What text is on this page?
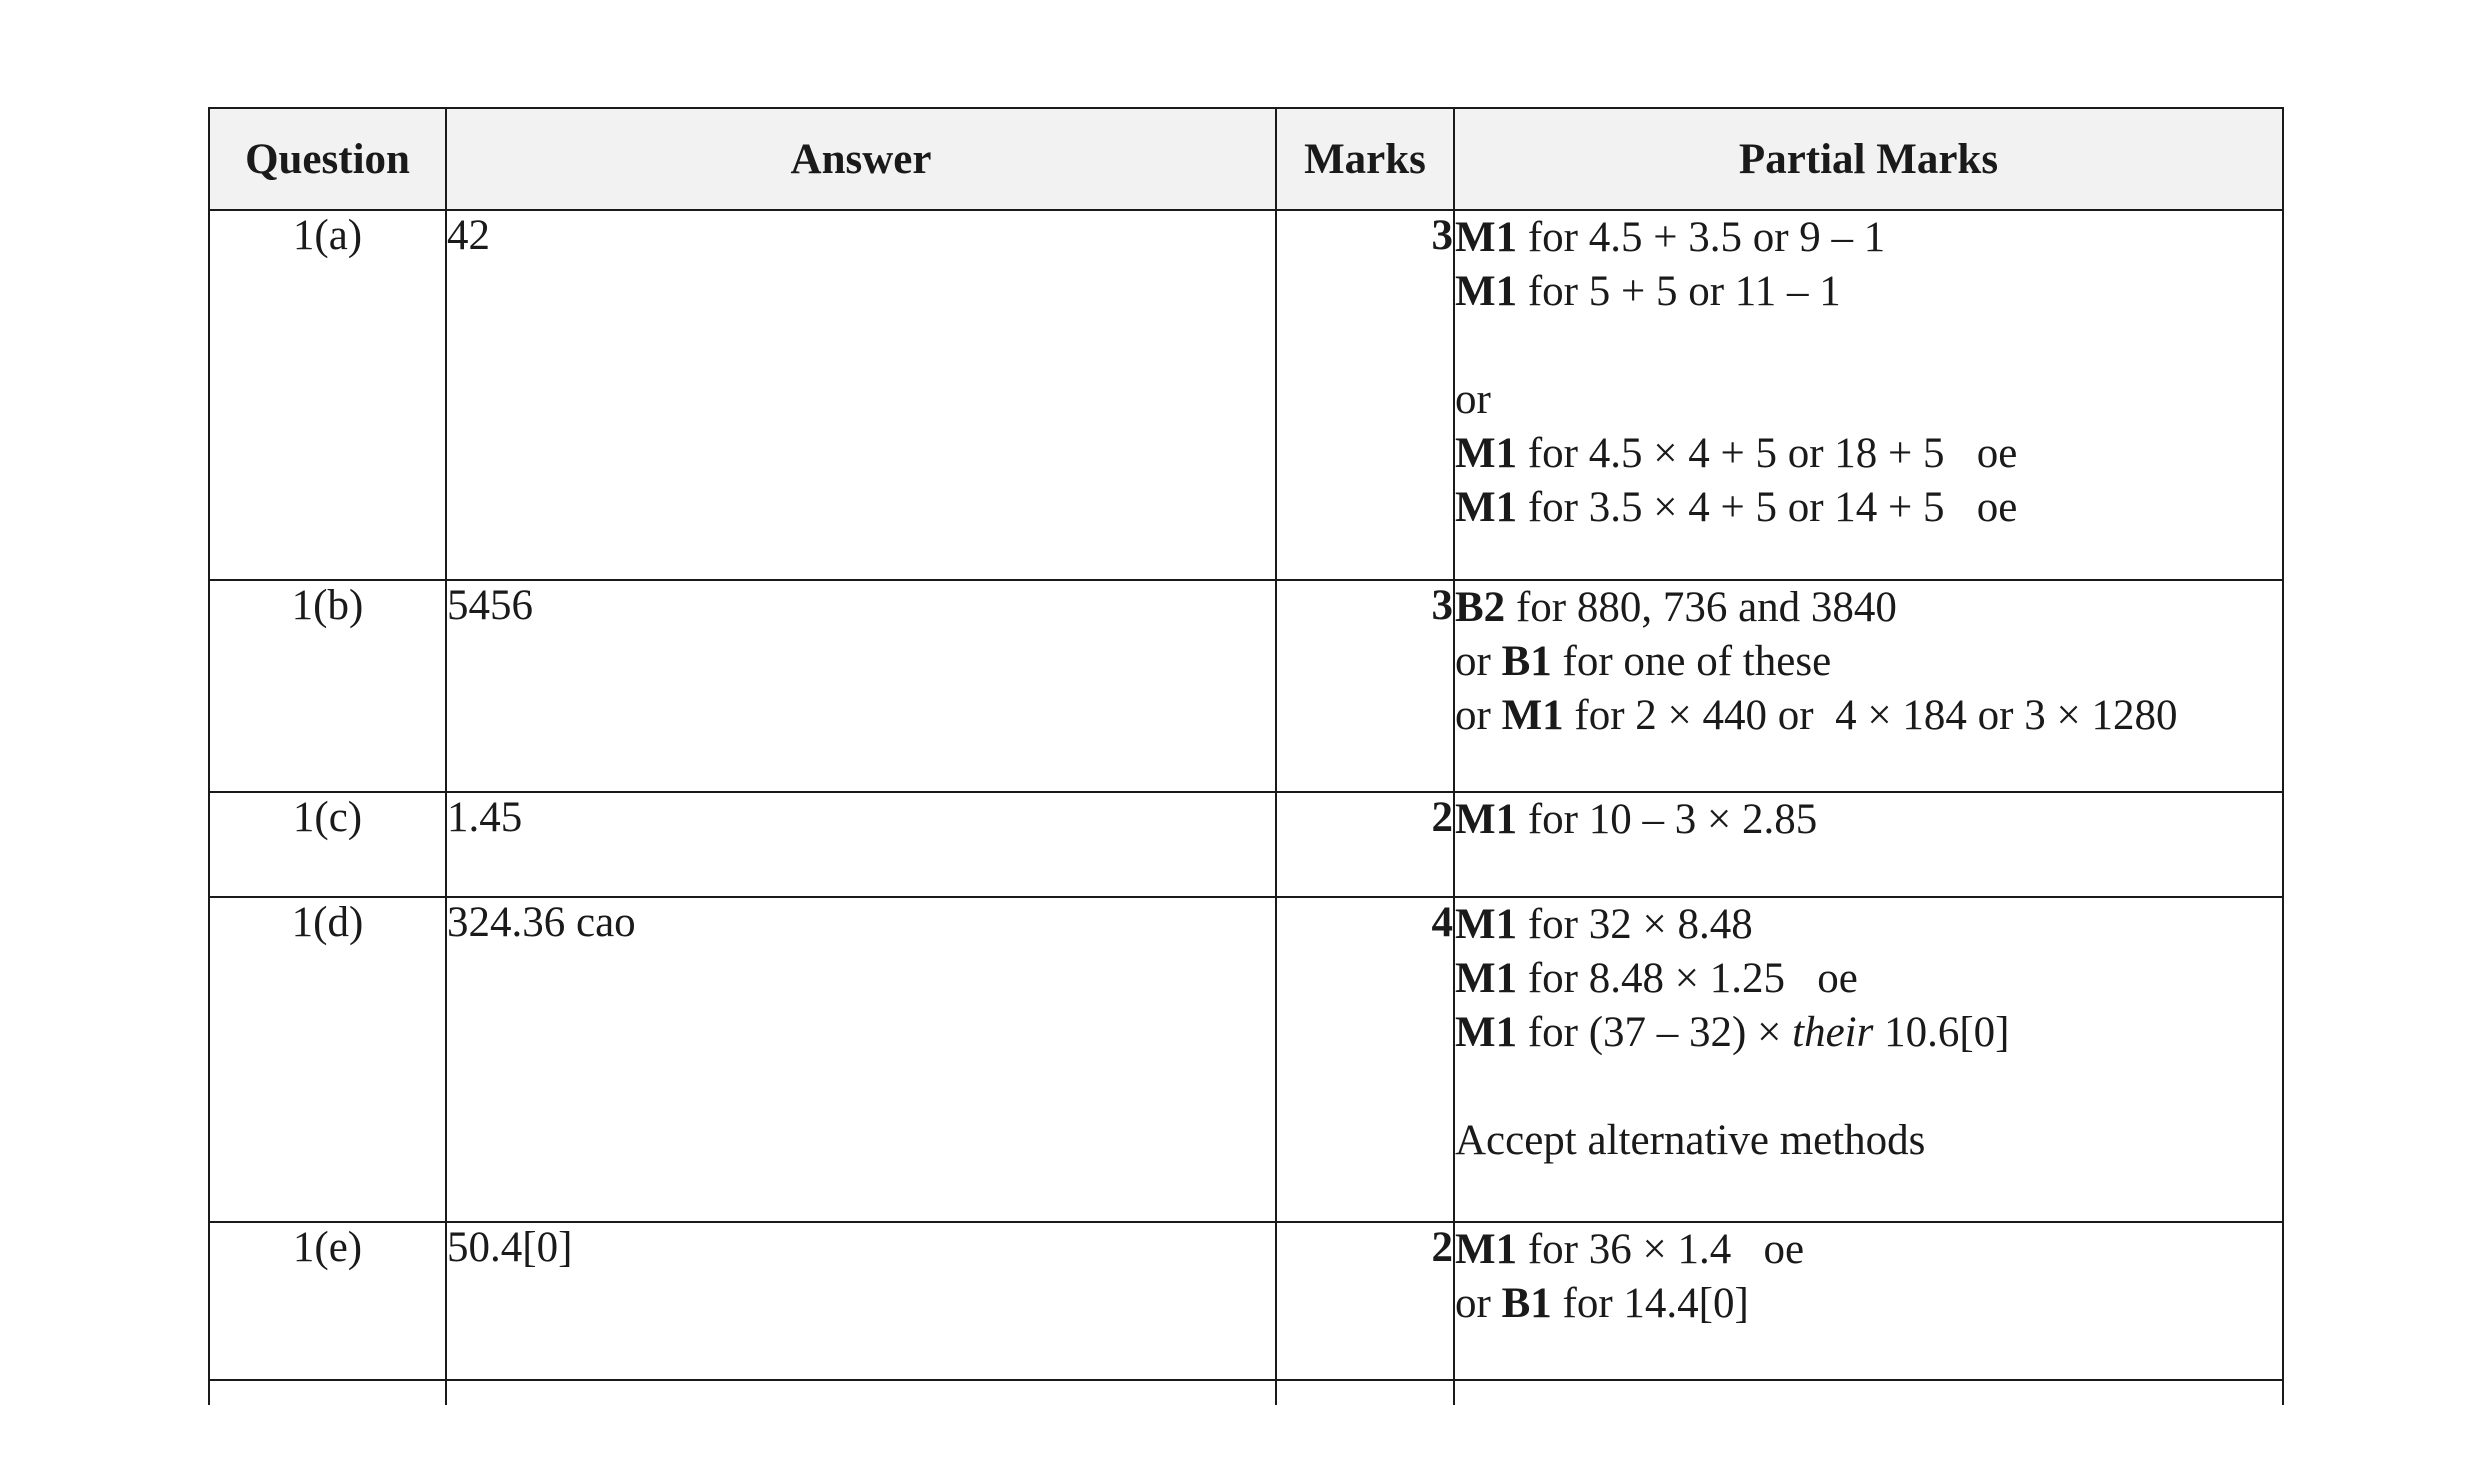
Question	Answer	Marks	Partial Marks
1(a)	42	3	M1 for 4.5 + 3.5 or 9 – 1
M1 for 5 + 5 or 11 – 1
or
M1 for 4.5 × 4 + 5 or 18 + 5   oe
M1 for 3.5 × 4 + 5 or 14 + 5   oe

1(b)	5456	3	B2 for 880, 736 and 3840
or B1 for one of these
or M1 for 2 × 440 or  4 × 184 or 3 × 1280

1(c)	1.45	2	M1 for 10 – 3 × 2.85

1(d)	324.36 cao	4	M1 for 32 × 8.48
M1 for 8.48 × 1.25   oe
M1 for (37 – 32) × their 10.6[0]
Accept alternative methods

1(e)	50.4[0]	2	M1 for 36 × 1.4   oe
or B1 for 14.4[0]
